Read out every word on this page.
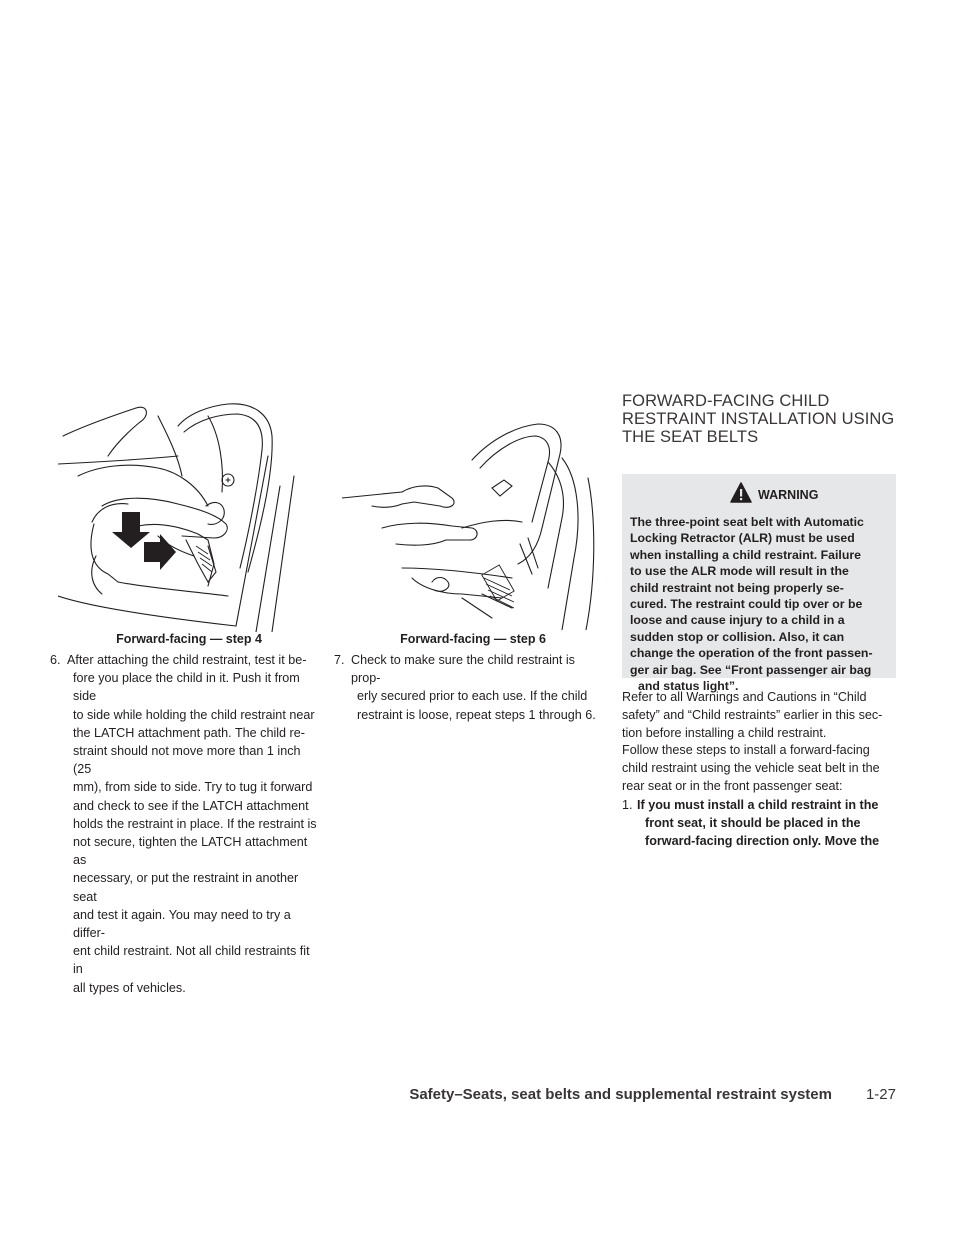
Forward-facing — step 4
6. After attaching the child restraint, test it be-
fore you place the child in it. Push it from side
to side while holding the child restraint near
the LATCH attachment path. The child re-
straint should not move more than 1 inch (25
mm), from side to side. Try to tug it forward
and check to see if the LATCH attachment
holds the restraint in place. If the restraint is
not secure, tighten the LATCH attachment as
necessary, or put the restraint in another seat
and test it again. You may need to try a differ-
ent child restraint. Not all child restraints fit in
all types of vehicles.
Forward-facing — step 6
7. Check to make sure the child restraint is prop-
erly secured prior to each use. If the child
restraint is loose, repeat steps 1 through 6.
FORWARD-FACING CHILD
RESTRAINT INSTALLATION USING
THE SEAT BELTS
WARNING
The three-point seat belt with Automatic
Locking Retractor (ALR) must be used
when installing a child restraint. Failure
to use the ALR mode will result in the
child restraint not being properly se-
cured. The restraint could tip over or be
loose and cause injury to a child in a
sudden stop or collision. Also, it can
change the operation of the front passen-
ger air bag. See “Front passenger air bag
and status light”.
Refer to all Warnings and Cautions in “Child
safety” and “Child restraints” earlier in this sec-
tion before installing a child restraint.
Follow these steps to install a forward-facing
child restraint using the vehicle seat belt in the
rear seat or in the front passenger seat:
1. If you must install a child restraint in the
front seat, it should be placed in the
forward-facing direction only. Move the
Safety–Seats, seat belts and supplemental restraint system 1-27
